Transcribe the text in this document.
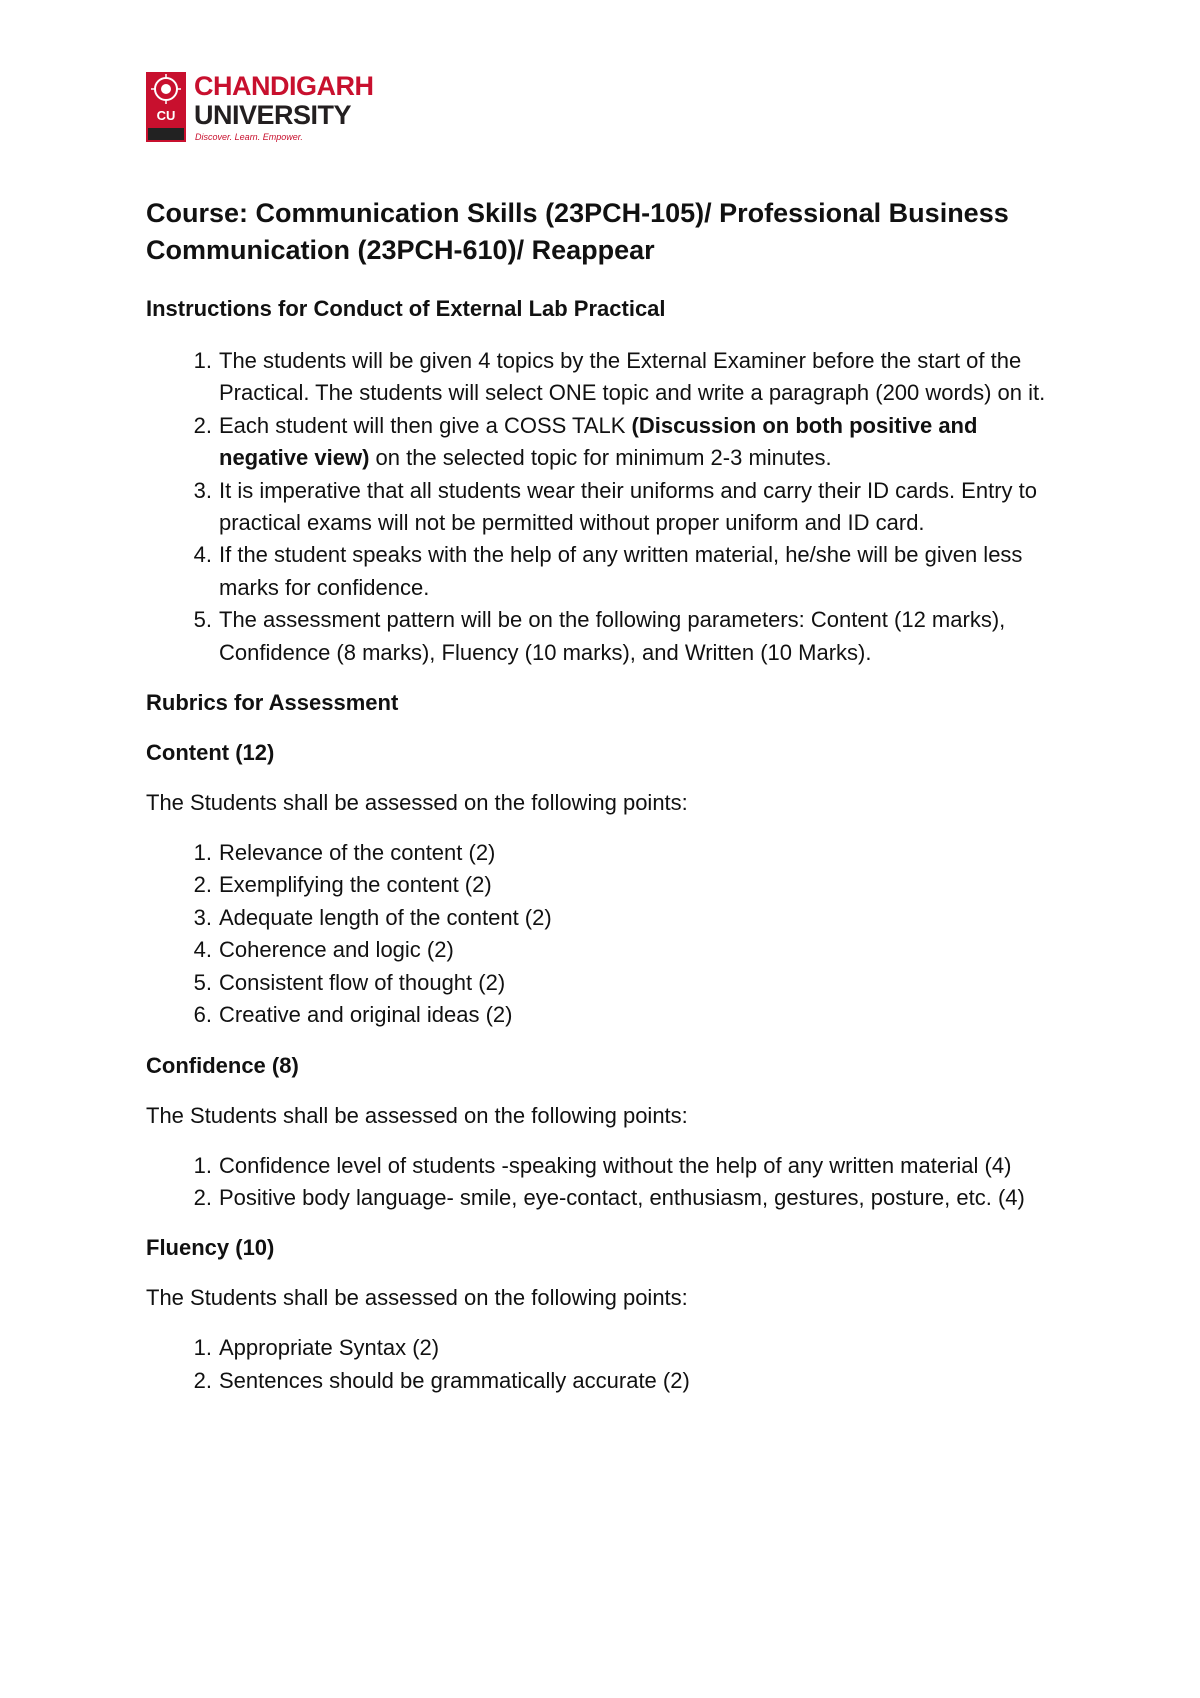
CU
CHANDIGARH
UNIVERSITY
Discover. Learn. Empower.
Course: Communication Skills (23PCH-105)/ Professional Business
Communication (23PCH-610)/ Reappear
Instructions for Conduct of External Lab Practical
1. The students will be given 4 topics by the External Examiner before the start of the Practical. The students will select ONE topic and write a paragraph (200 words) on it.
2. Each student will then give a COSS TALK (Discussion on both positive and negative view) on the selected topic for minimum 2-3 minutes.
3. It is imperative that all students wear their uniforms and carry their ID cards. Entry to practical exams will not be permitted without proper uniform and ID card.
4. If the student speaks with the help of any written material, he/she will be given less marks for confidence.
5. The assessment pattern will be on the following parameters: Content (12 marks), Confidence (8 marks), Fluency (10 marks), and Written (10 Marks).
Rubrics for Assessment
Content (12)
The Students shall be assessed on the following points:
1. Relevance of the content (2)
2. Exemplifying the content (2)
3. Adequate length of the content (2)
4. Coherence and logic (2)
5. Consistent flow of thought (2)
6. Creative and original ideas (2)
Confidence (8)
The Students shall be assessed on the following points:
1. Confidence level of students -speaking without the help of any written material (4)
2. Positive body language- smile, eye-contact, enthusiasm, gestures, posture, etc. (4)
Fluency (10)
The Students shall be assessed on the following points:
1. Appropriate Syntax (2)
2. Sentences should be grammatically accurate (2)
